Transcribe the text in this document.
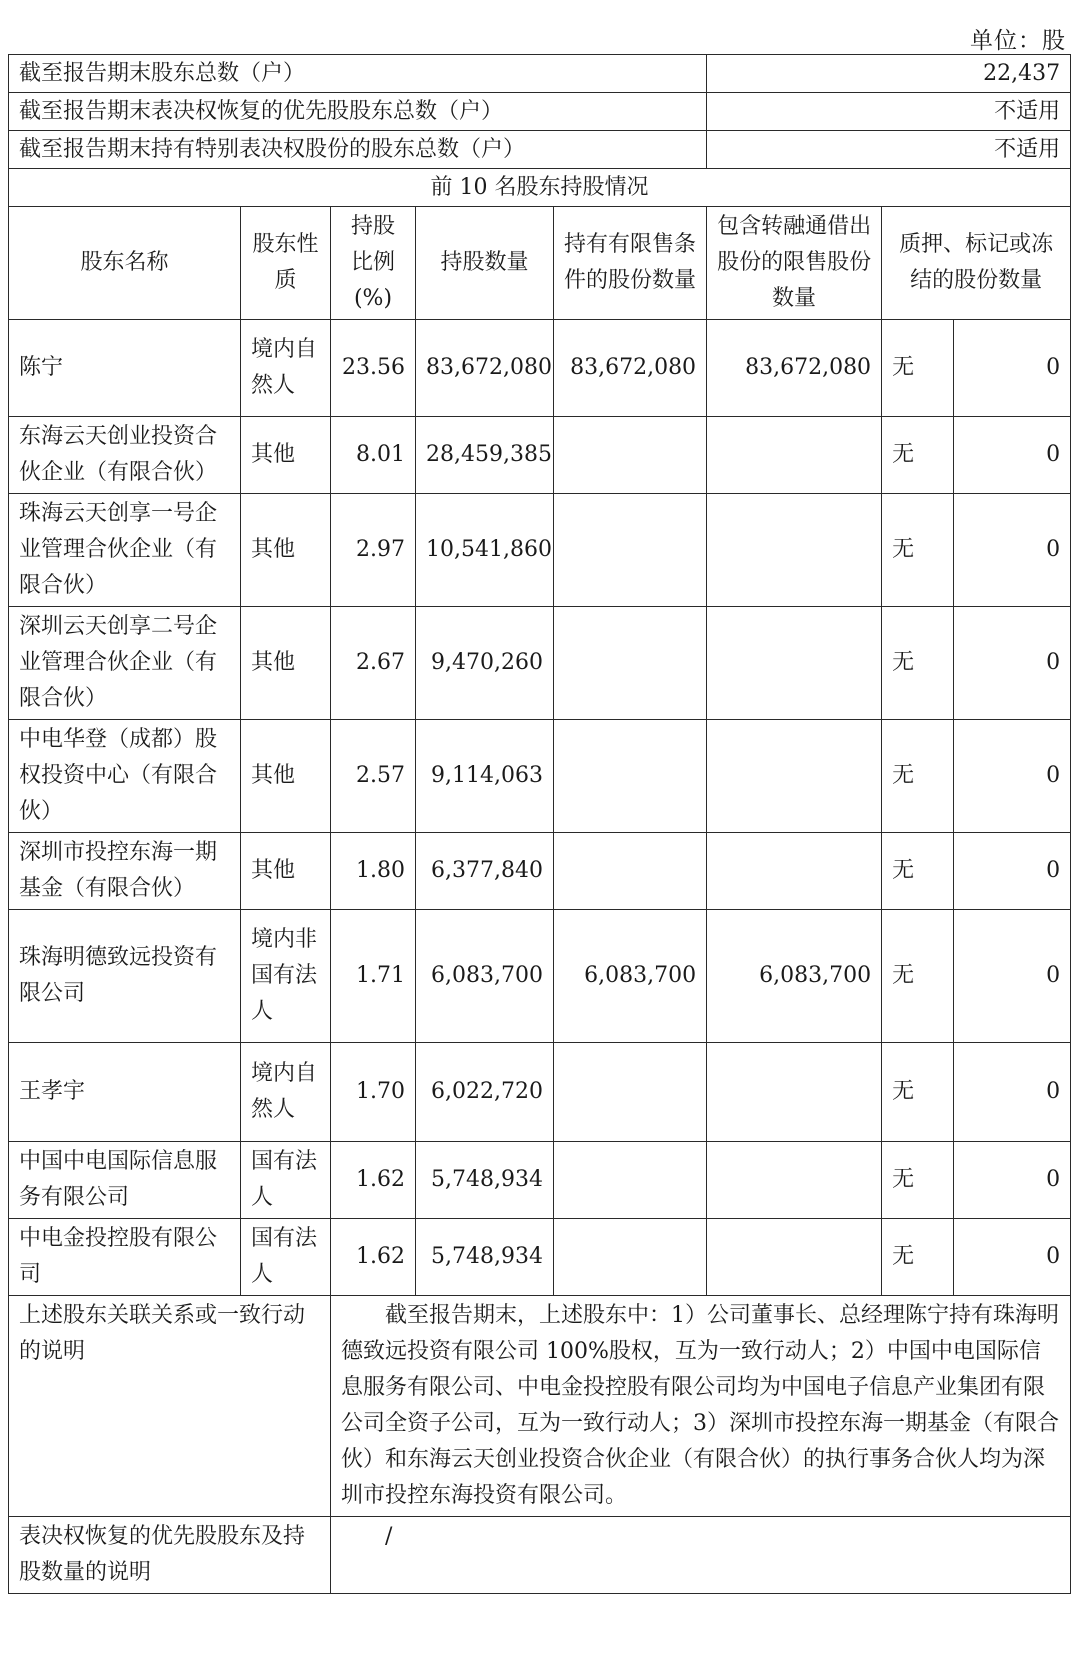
单位：股
截至报告期末股东总数（户）					22,437		
截至报告期末表决权恢复的优先股股东总数（户）					不适用		
截至报告期末持有特别表决权股份的股东总数（户）					不适用		
前 10 名股东持股情况							
股东名称	股东性质	持股比例(%)	持股数量	持有有限售条件的股份数量	包含转融通借出股份的限售股份数量	质押、标记或冻结的股份数量	
陈宁	境内自然人	23.56	83,672,080	83,672,080	83,672,080	无	0
东海云天创业投资合伙企业（有限合伙）	其他	8.01	28,459,385			无	0
珠海云天创享一号企业管理合伙企业（有限合伙）	其他	2.97	10,541,860			无	0
深圳云天创享二号企业管理合伙企业（有限合伙）	其他	2.67	9,470,260			无	0
中电华登（成都）股权投资中心（有限合伙）	其他	2.57	9,114,063			无	0
深圳市投控东海一期基金（有限合伙）	其他	1.80	6,377,840			无	0
珠海明德致远投资有限公司	境内非国有法人	1.71	6,083,700	6,083,700	6,083,700	无	0
王孝宇	境内自然人	1.70	6,022,720			无	0
中国中电国际信息服务有限公司	国有法人	1.62	5,748,934			无	0
中电金投控股有限公司	国有法人	1.62	5,748,934			无	0
上述股东关联关系或一致行动的说明		截至报告期末，上述股东中：1）公司董事长、总经理陈宁持有珠海明德致远投资有限公司 100%股权，互为一致行动人；2）中国中电国际信息服务有限公司、中电金投控股有限公司均为中国电子信息产业集团有限公司全资子公司，互为一致行动人；3）深圳市投控东海一期基金（有限合伙）和东海云天创业投资合伙企业（有限合伙）的执行事务合伙人均为深圳市投控东海投资有限公司。					
表决权恢复的优先股股东及持股数量的说明		/					
